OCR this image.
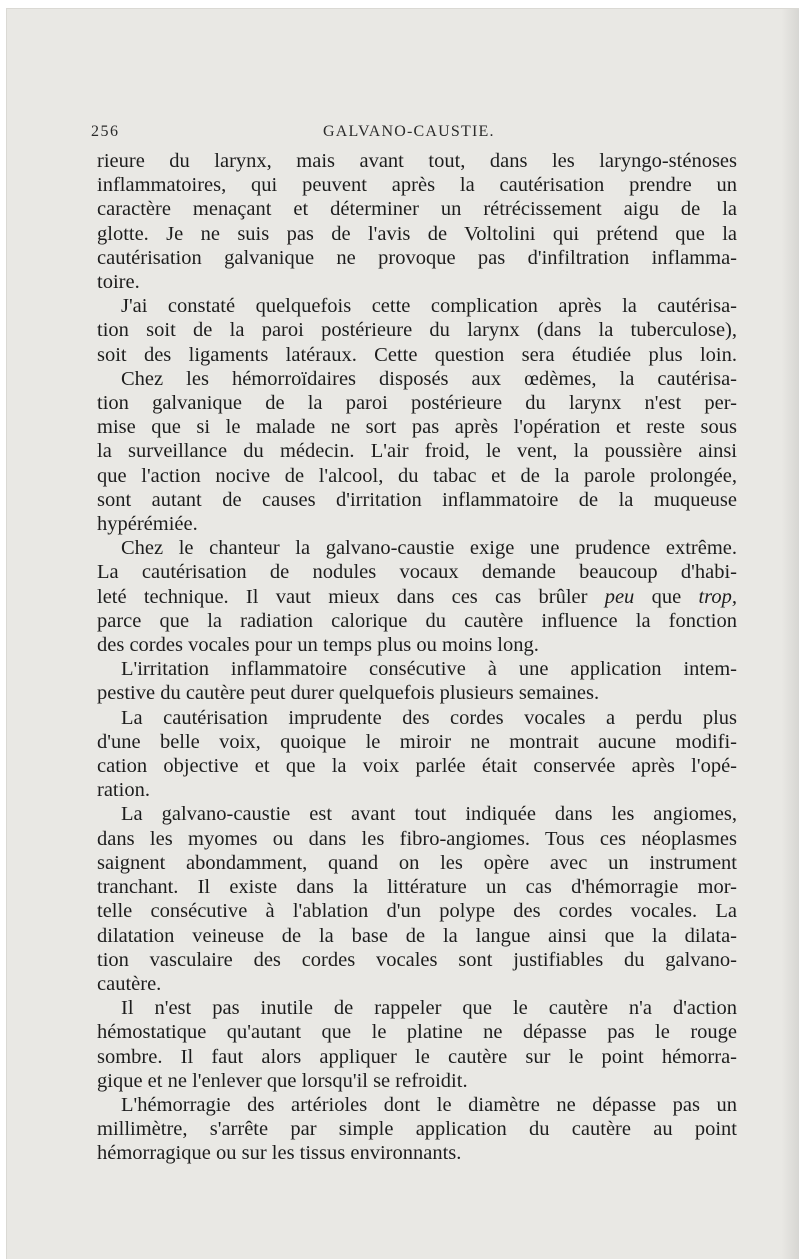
256	GALVANO-CAUSTIE.
rieure du larynx, mais avant tout, dans les laryngo-sténoses
inflammatoires, qui peuvent après la cautérisation prendre un
caractère menaçant et déterminer un rétrécissement aigu de la
glotte. Je ne suis pas de l'avis de Voltolini qui prétend que la
cautérisation galvanique ne provoque pas d'infiltration inflamma-
toire.
J'ai constaté quelquefois cette complication après la cautérisa-
tion soit de la paroi postérieure du larynx (dans la tuberculose),
soit des ligaments latéraux. Cette question sera étudiée plus loin.
Chez les hémorroïdaires disposés aux œdèmes, la cautérisa-
tion galvanique de la paroi postérieure du larynx n'est per-
mise que si le malade ne sort pas après l'opération et reste sous
la surveillance du médecin. L'air froid, le vent, la poussière ainsi
que l'action nocive de l'alcool, du tabac et de la parole prolongée,
sont autant de causes d'irritation inflammatoire de la muqueuse
hypérémiée.
Chez le chanteur la galvano-caustie exige une prudence extrême.
La cautérisation de nodules vocaux demande beaucoup d'habi-
leté technique. Il vaut mieux dans ces cas brûler peu que trop,
parce que la radiation calorique du cautère influence la fonction
des cordes vocales pour un temps plus ou moins long.
L'irritation inflammatoire consécutive à une application intem-
pestive du cautère peut durer quelquefois plusieurs semaines.
La cautérisation imprudente des cordes vocales a perdu plus
d'une belle voix, quoique le miroir ne montrait aucune modifi-
cation objective et que la voix parlée était conservée après l'opé-
ration.
La galvano-caustie est avant tout indiquée dans les angiomes,
dans les myomes ou dans les fibro-angiomes. Tous ces néoplasmes
saignent abondamment, quand on les opère avec un instrument
tranchant. Il existe dans la littérature un cas d'hémorragie mor-
telle consécutive à l'ablation d'un polype des cordes vocales. La
dilatation veineuse de la base de la langue ainsi que la dilata-
tion vasculaire des cordes vocales sont justifiables du galvano-
cautère.
Il n'est pas inutile de rappeler que le cautère n'a d'action
hémostatique qu'autant que le platine ne dépasse pas le rouge
sombre. Il faut alors appliquer le cautère sur le point hémorra-
gique et ne l'enlever que lorsqu'il se refroidit.
L'hémorragie des artérioles dont le diamètre ne dépasse pas un
millimètre, s'arrête par simple application du cautère au point
hémorragique ou sur les tissus environnants.
